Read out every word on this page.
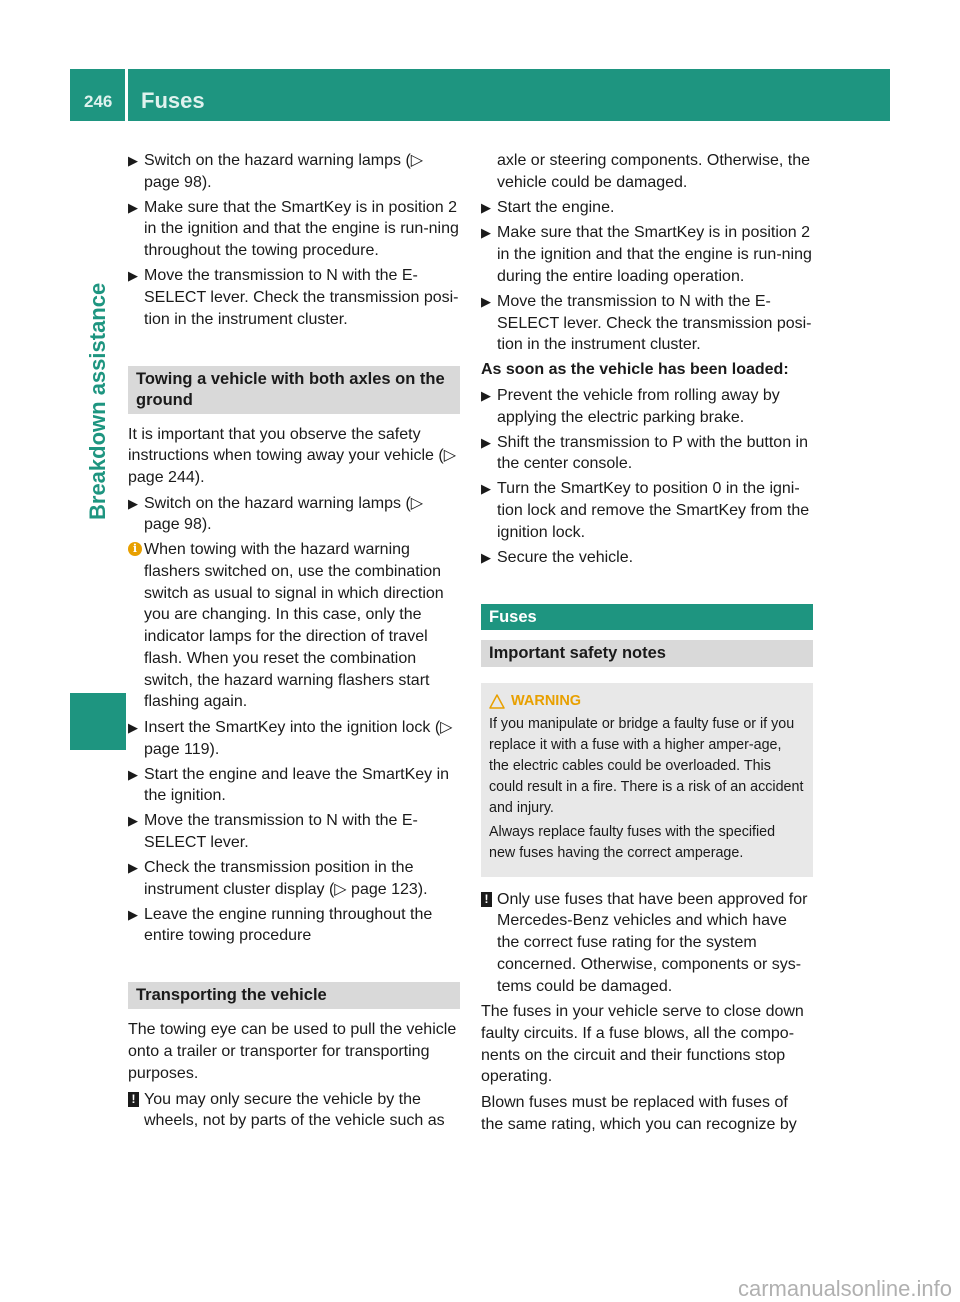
246 Fuses
Breakdown assistance
▶ Switch on the hazard warning lamps (▷ page 98).
▶ Make sure that the SmartKey is in position 2 in the ignition and that the engine is run-ning throughout the towing procedure.
▶ Move the transmission to N with the E-SELECT lever. Check the transmission posi-tion in the instrument cluster.
Towing a vehicle with both axles on the ground
It is important that you observe the safety instructions when towing away your vehicle (▷ page 244).
▶ Switch on the hazard warning lamps (▷ page 98).
i When towing with the hazard warning flashers switched on, use the combination switch as usual to signal in which direction you are changing. In this case, only the indicator lamps for the direction of travel flash. When you reset the combination switch, the hazard warning flashers start flashing again.
▶ Insert the SmartKey into the ignition lock (▷ page 119).
▶ Start the engine and leave the SmartKey in the ignition.
▶ Move the transmission to N with the E-SELECT lever.
▶ Check the transmission position in the instrument cluster display (▷ page 123).
▶ Leave the engine running throughout the entire towing procedure
Transporting the vehicle
The towing eye can be used to pull the vehicle onto a trailer or transporter for transporting purposes.
! You may only secure the vehicle by the wheels, not by parts of the vehicle such as
axle or steering components. Otherwise, the vehicle could be damaged.
▶ Start the engine.
▶ Make sure that the SmartKey is in position 2 in the ignition and that the engine is run-ning during the entire loading operation.
▶ Move the transmission to N with the E-SELECT lever. Check the transmission posi-tion in the instrument cluster.
As soon as the vehicle has been loaded:
▶ Prevent the vehicle from rolling away by applying the electric parking brake.
▶ Shift the transmission to P with the button in the center console.
▶ Turn the SmartKey to position 0 in the igni-tion lock and remove the SmartKey from the ignition lock.
▶ Secure the vehicle.
Fuses
Important safety notes
WARNING

If you manipulate or bridge a faulty fuse or if you replace it with a fuse with a higher amper-age, the electric cables could be overloaded. This could result in a fire. There is a risk of an accident and injury.

Always replace faulty fuses with the specified new fuses having the correct amperage.

! Only use fuses that have been approved for Mercedes-Benz vehicles and which have the correct fuse rating for the system concerned. Otherwise, components or sys-tems could be damaged.
The fuses in your vehicle serve to close down faulty circuits. If a fuse blows, all the compo-nents on the circuit and their functions stop operating.
Blown fuses must be replaced with fuses of the same rating, which you can recognize by
carmanualsonline.info
